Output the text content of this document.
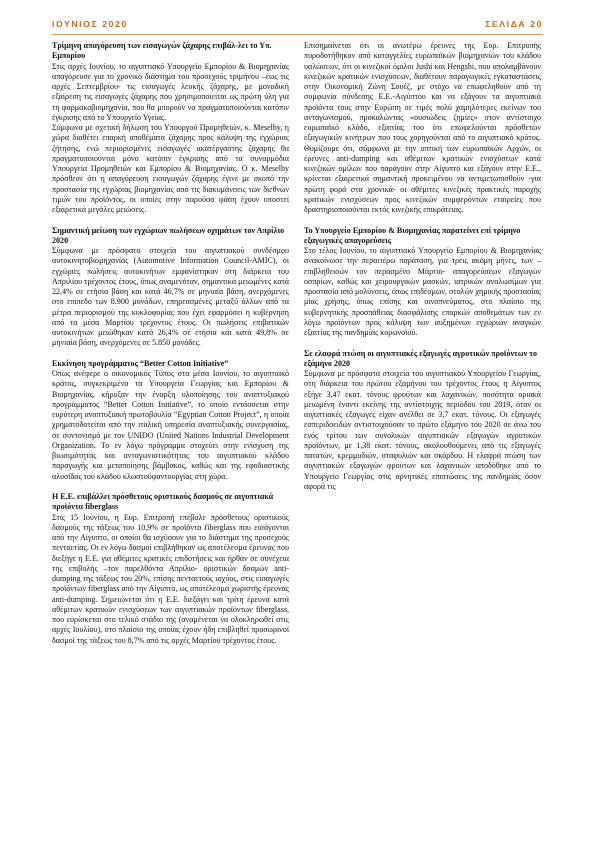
ΙΟΥΝΙΟΣ 2020	ΣΕΛΙΔΑ 20
Τρίμηνη απαγόρευση των εισαγωγών ζάχαρης επιβάλ-λει το Υπ. Εμπορίου

Στις αρχές Ιουνίου, το αιγυπτιακό Υπουργείο Εμπορίου & Βιομηχανίας απαγόρευσε για το χρονικό διάστημα του προσεχούς τριμήνου –έως τις αρχές Σεπτεμβρίου- τις εισαγωγές λευκής ζάχαρης, με μοναδική εξαίρεση τις εισαγωγές ζάχαρης που χρησιμοποιείται ως πρώτη ύλη για τη φαρμακοβιομηχανία, που θα μπορούν να πραγματοποιούνται κατόπιν έγκρισης από το Υπουργείο Υγείας.

Σύμφωνα με σχετική δήλωση του Υπουργού Προμηθειών, κ. Meselhy, η χώρα διαθέτει επαρκή αποθέματα ζάχαρης προς κάλυψη της εγχώριας ζήτησης, ενώ περιορισμένες εισαγωγές ακατέργαστης ζάχαρης θα πραγματοποιούνται μόνο κατόπιν έγκρισης από τα συναρμόδια Υπουργεία Προμηθειών και Εμπορίου & Βιομηχανίας. Ο κ. Meselhy πρόσθεσε ότι η απαγόρευση εισαγωγών ζάχαρης έγινε με σκοπό την προστασία της εγχώριας βιομηχανίας από τις διακυμάνσεις των διεθνών τιμών του προϊόντος, οι οποίες στην παρούσα φάση έχουν υποστεί εξαιρετικά μεγάλες μειώσεις.

Σημαντική μείωση των εγχώριων πωλήσεων οχημάτων τον Απρίλιο 2020

Σύμφωνα με πρόσφατα στοιχεία του αιγυπτιακού συνδέσμου αυτοκινητοβιομηχανίας (Automotive Information Council-AMIC), οι εγχώριες πωλήσεις αυτοκινήτων εμφανίστηκαν στη διάρκεια του Απριλίου τρέχοντος έτους, όπως αναμενόταν, σημαντικά μειωμένες κατά 22,4% σε ετήσια βάση και κατά 46,7% σε μηνιαία βάση, ανερχόμενες στο επίπεδο των 8.900 μονάδων, επηρεασμένες μεταξύ άλλων από τα μέτρα περιορισμού της κυκλοφορίας που έχει εφαρμόσει η κυβέρνηση από τα μέσα Μαρτίου τρέχοντος έτους. Οι πωλήσεις επιβατικών αυτοκινήτων μειώθηκαν κατά 26,4% σε ετήσια και κατά 49,8% σε μηνιαία βάση, ανερχόμενες σε 5.850 μονάδες.

Εκκίνηση προγράμματος “Better Cotton Initiative”

Όπως ανέφερε ο οικονομικός Τύπος στα μέσα Ιουνίου, το αιγυπτιακό κράτος, συγκεκριμένα τα Υπουργεία Γεωργίας και Εμπορίου & Βιομηχανίας, κήρυξαν την έναρξη υλοποίησης του αναπτυξιακού προγράμματος “Better Cotton Initiative”, το οποίο εντάσσεται στην ευρύτερη αναπτυξιακή πρωτοβουλία “Egyptian Cotton Project”, η οποία χρηματοδοτείται από την ιταλική υπηρεσία αναπτυξιακής συνεργασίας, σε συντονισμό με τον UNIDO (United Nations Industrial Development Organization. Το εν λόγω πρόγραμμα στοχεύει στην ενίσχυση της βιωσιμότητας και ανταγωνιστικότητας του αιγυπτιακού κλάδου παραγωγής και μεταποίησης βάμβακος, καθώς και της εφοδιαστικής αλυσίδας του κλάδου κλωστοϋφαντουργίας στη χώρα.

Η Ε.Ε. επιβάλλει πρόσθετους οριστικούς δασμούς σε αιγυπτιακά προϊόντα fiberglass

Στις 15 Ιουνίου, η Ευρ. Επιτροπή επέβαλε πρόσθετους οριστικούς δασμούς της τάξεως του 10,9% σε προϊόντα fiberglass που εισάγονται από την Αίγυπτο, οι οποίοι θα ισχύσουν για το διάστημα της προσεχούς πενταετίας. Οι εν λόγω δασμοί επιβλήθηκαν ως αποτέλεσμα έρευνας που διεξήγε η Ε.Ε. για αθέμιτες κρατικές επιδοτήσεις και ήρθαν σε συνέχεια της επιβολής –τον παρελθόντα Απρίλιο- οριστικών δασμών anti-dumping της τάξεως του 20%, επίσης πενταετούς ισχύος, στις εισαγωγές προϊόντων fiberglass από την Αίγυπτο, ως αποτέλεσμα χωριστής έρευνας anti-dumping. Σημειώνεται ότι η Ε.Ε. διεξάγει και τρίτη έρευνα κατά αθέμιτων κρατικών ενισχύσεων των αιγυπτιακών προϊόντων fiberglass, που ευρίσκεται στο τελικό στάδιο της (αναμένεται να ολοκληρωθεί στις αρχές Ιουλίου), στο πλαίσιο της οποίας έχουν ήδη επιβληθεί προσωρινοί δασμοί της τάξεως του 8,7% από τις αρχές Μαρτίου τρέχοντος έτους.

Επισημαίνεται ότι οι ανωτέρω έρευνες της Ευρ. Επιτροπής πυροδοτήθηκαν από καταγγελίες ευρωπαϊκών βιομηχανιών του κλάδου υαλώσεων, ότι οι κινεζικοί όμιλοι Jushi και Hengshi, που απολαμβάνουν κινεζικών κρατικών ενισχύσεων, διαθέτουν παραγωγικές εγκαταστάσεις στην Οικονομική Ζώνη Σουέζ, με στόχο να επωφεληθούν από τη συμφωνία σύνδεσης Ε.Ε.-Αιγύπτου και να εξάγουν τα αιγυπτιακά προϊόντα τους στην Ευρώπη σε τιμές πολύ χαμηλότερες εκείνων του ανταγωνισμού, προκαλώντας «ουσιώδεις ζημίες» στον αντίστοιχο ευρωπαϊκό κλάδο, εξαιτίας του ότι επωφελούνται πρόσθετων εξαγωγικών κινήτρων που τους χορηγούνται από το αιγυπτιακό κράτος. Θυμίζουμε ότι, σύμφωνα με την οπτική των ευρωπαϊκών Αρχών, οι έρευνες anti-dumping και αθέμιτων κρατικών ενισχύσεων κατά κινεζικών ομίλων που παράγουν στην Αίγυπτο και εξάγουν στην Ε.Ε., κρίνεται εξαιρετικά σημαντική προκειμένου να αντιμετωπισθούν -για πρώτη φορά στα χρονικά- οι αθέμιτες κινεζικές πρακτικές παροχής κρατικών ενισχύσεων προς κινεζικών συμφερόντων εταιρείες που δραστηριοποιούνται εκτός κινεζικής επικράτειας.

Το Υπουργείο Εμπορίου & Βιομηχανίας παρατείνει επί τρίμηνο εξαγωγικές απαγορεύσεις

Στο τέλος Ιουνίου, το αιγυπτιακό Υπουργείο Εμπορίου & Βιομηχανίας ανακοίνωσε την περαιτέρω παράταση, για τρεις ακόμη μήνες, των –επιβληθεισών τον περασμένο Μάρτιο- απαγορεύσεων εξαγωγών οσπρίων, καθώς και χειρουργικών μασκών, ιατρικών αναλωσίμων για προστασία από μολύνσεις, όπως επιδέσμων, στολών χημικής προστασίας μίας χρήσης, όπως επίσης και οινοπνεύματος, στο πλαίσιο της κυβερνητικής προσπάθειας διασφάλισης επαρκών αποθεμάτων των εν λόγω προϊόντων προς κάλυψη των αυξημένων εγχώριων αναγκών εξαιτίας της πανδημίας κορωνοϊού.

Σε ελαφρά πτώση οι αιγυπτιακές εξαγωγές αγροτικών προϊόντων το εξάμηνο 2020

Σύμφωνα με πρόσφατα στοιχεία του αιγυπτιακού Υπουργείου Γεωργίας, στη διάρκεια του πρώτου εξαμήνου του τρέχοντος έτους η Αίγυπτος εξήγε 3,47 εκατ. τόνους φρούτων και λαχανικών, ποσότητα οριακά μειωμένη έναντι εκείνης της αντίστοιχης περιόδου του 2019, όταν οι αιγυπτιακές εξαγωγές είχαν ανέλθει σε 3,7 εκατ. τόνους. Οι εξαγωγές εσπεριδοειδών αντιστοιχούσαν το πρώτο εξάμηνο του 2020 σε άνω του ενός τρίτου των συνολικών αιγυπτιακών εξαγωγών αγροτικών προϊόντων, με 1,38 εκατ. τόνους, ακολουθούμενες από τις εξαγωγές πατατών, κρεμμυδιών, σταφυλιών και σκόρδου. Η ελαφρά πτώση των αιγυπτιακών εξαγωγών φρούτων και λαχανικών αποδόθηκε από το Υπουργείο Γεωργίας στις αρνητικές επιπτώσεις της πανδημίας όσον αφορά τις
